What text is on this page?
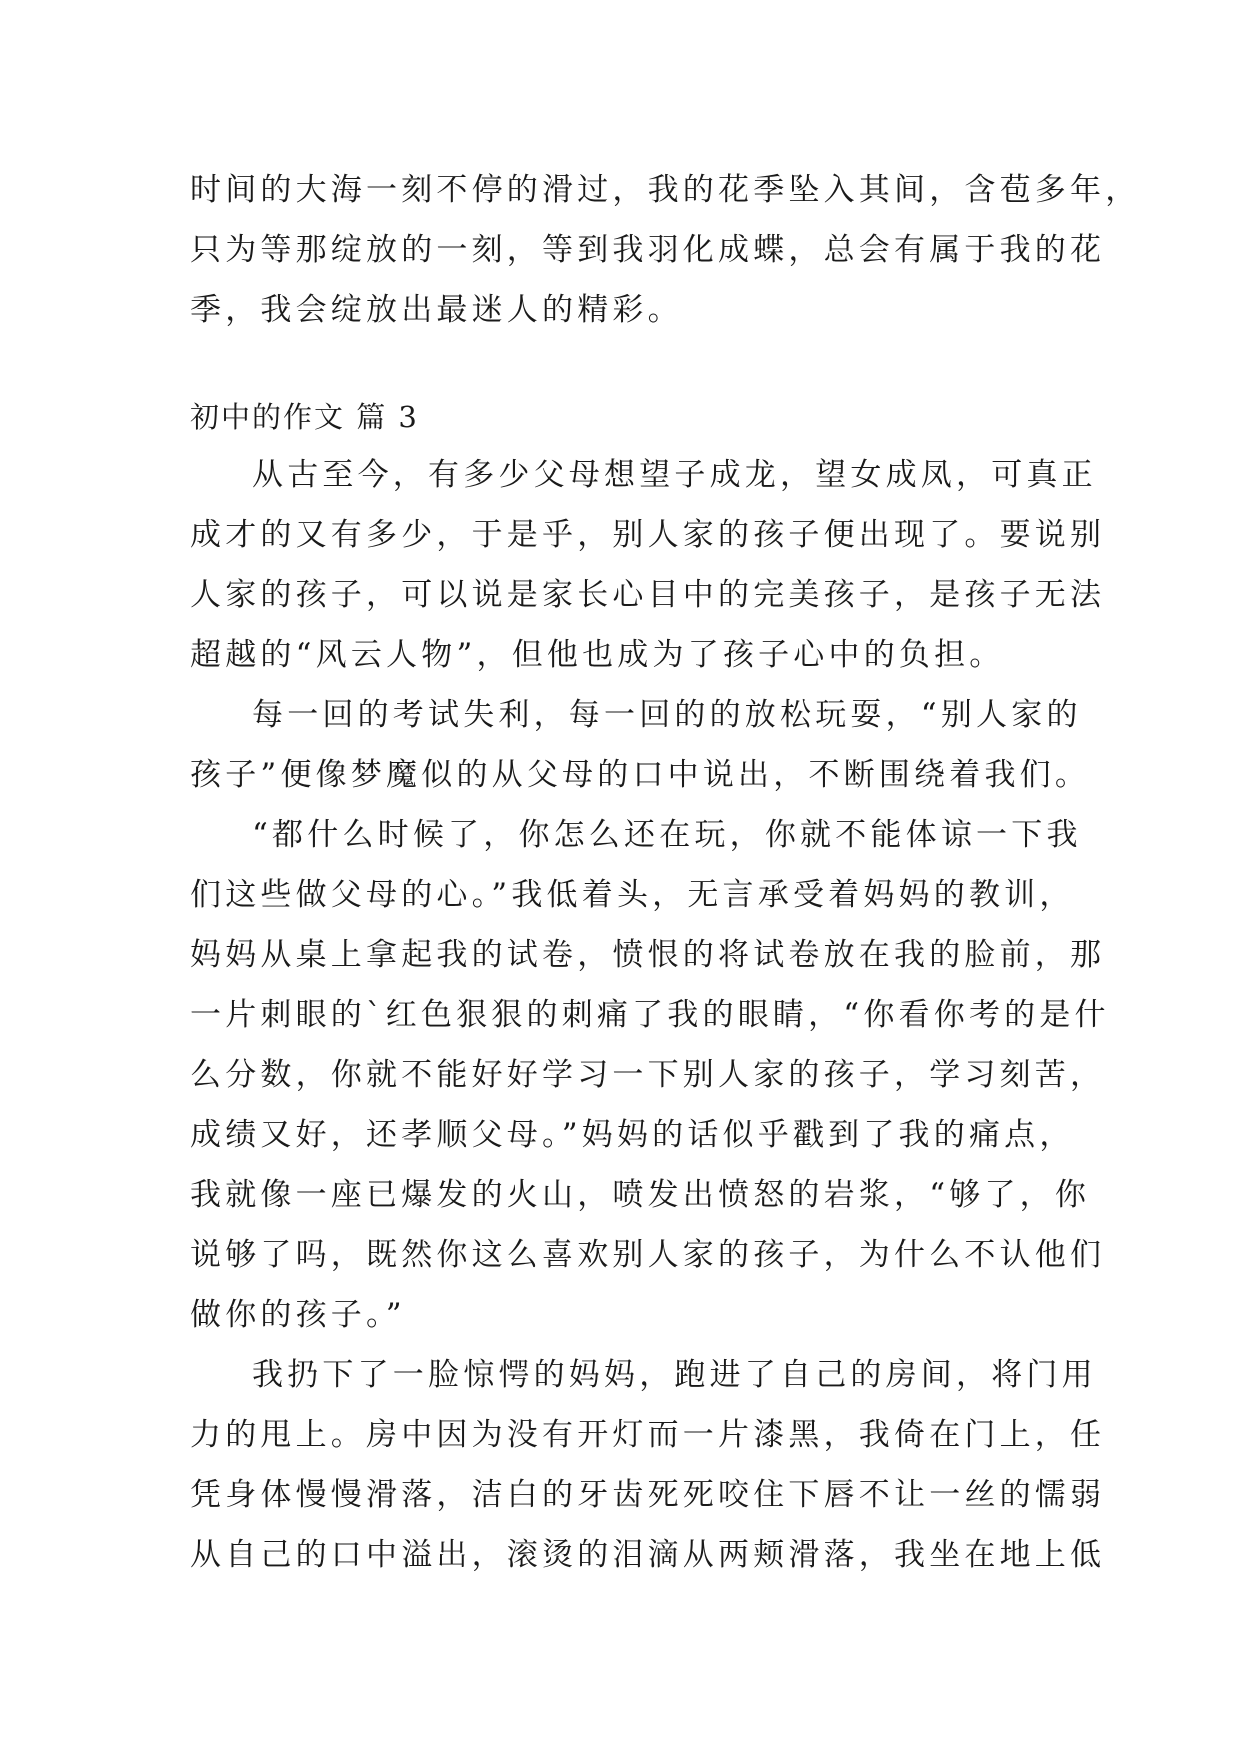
时间的大海一刻不停的滑过，我的花季坠入其间，含苞多年，
只为等那绽放的一刻，等到我羽化成蝶，总会有属于我的花
季，我会绽放出最迷人的精彩。
初中的作文 篇 3
从古至今，有多少父母想望子成龙，望女成凤，可真正
成才的又有多少，于是乎，别人家的孩子便出现了。要说别
人家的孩子，可以说是家长心目中的完美孩子，是孩子无法
超越的“风云人物”，但他也成为了孩子心中的负担。
每一回的考试失利，每一回的的放松玩耍，“别人家的
孩子”便像梦魔似的从父母的口中说出，不断围绕着我们。
“都什么时候了，你怎么还在玩，你就不能体谅一下我
们这些做父母的心。”我低着头，无言承受着妈妈的教训，
妈妈从桌上拿起我的试卷，愤恨的将试卷放在我的脸前，那
一片刺眼的`红色狠狠的刺痛了我的眼睛，“你看你考的是什
么分数，你就不能好好学习一下别人家的孩子，学习刻苦，
成绩又好，还孝顺父母。”妈妈的话似乎戳到了我的痛点，
我就像一座已爆发的火山，喷发出愤怒的岩浆，“够了，你
说够了吗，既然你这么喜欢别人家的孩子，为什么不认他们
做你的孩子。”
我扔下了一脸惊愕的妈妈，跑进了自己的房间，将门用
力的甩上。房中因为没有开灯而一片漆黑，我倚在门上，任
凭身体慢慢滑落，洁白的牙齿死死咬住下唇不让一丝的懦弱
从自己的口中溢出，滚烫的泪滴从两颊滑落，我坐在地上低
